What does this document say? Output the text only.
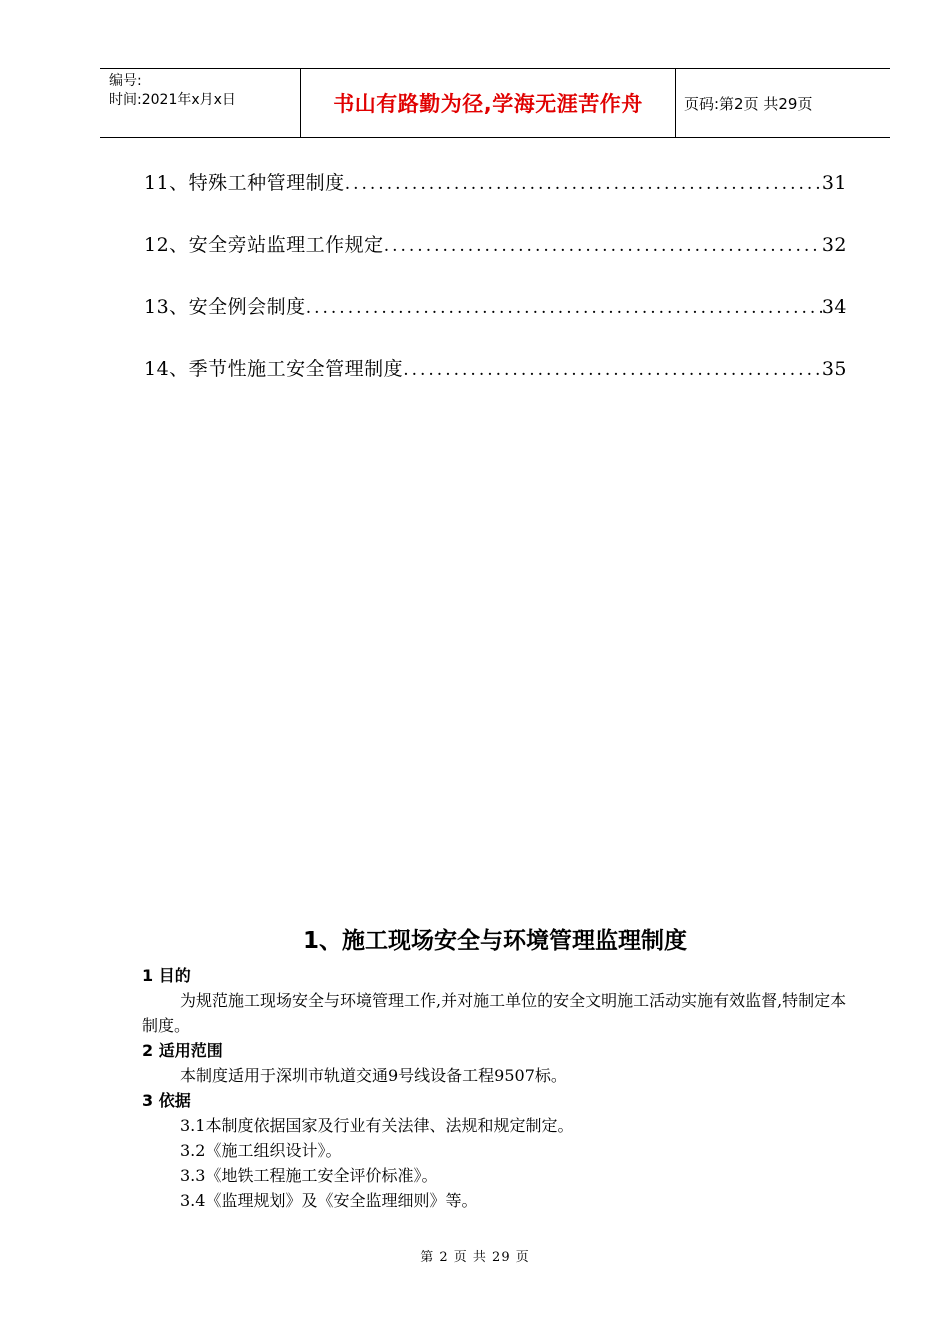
编号:
时间:2021年x月x日	书山有路勤为径,学海无涯苦作舟	页码:第2页 共29页
11、特殊工种管理制度 .....	31
12、安全旁站监理工作规定 .....	32
13、安全例会制度 .....	34
14、季节性施工安全管理制度 .....	35
1、施工现场安全与环境管理监理制度
1 目的
为规范施工现场安全与环境管理工作,并对施工单位的安全文明施工活动实施有效监督,特制定本制度。
2 适用范围
本制度适用于深圳市轨道交通9号线设备工程9507标。
3 依据
3.1本制度依据国家及行业有关法律、法规和规定制定。
3.2《施工组织设计》。
3.3《地铁工程施工安全评价标准》。
3.4《监理规划》及《安全监理细则》等。
第 2 页 共 29 页
